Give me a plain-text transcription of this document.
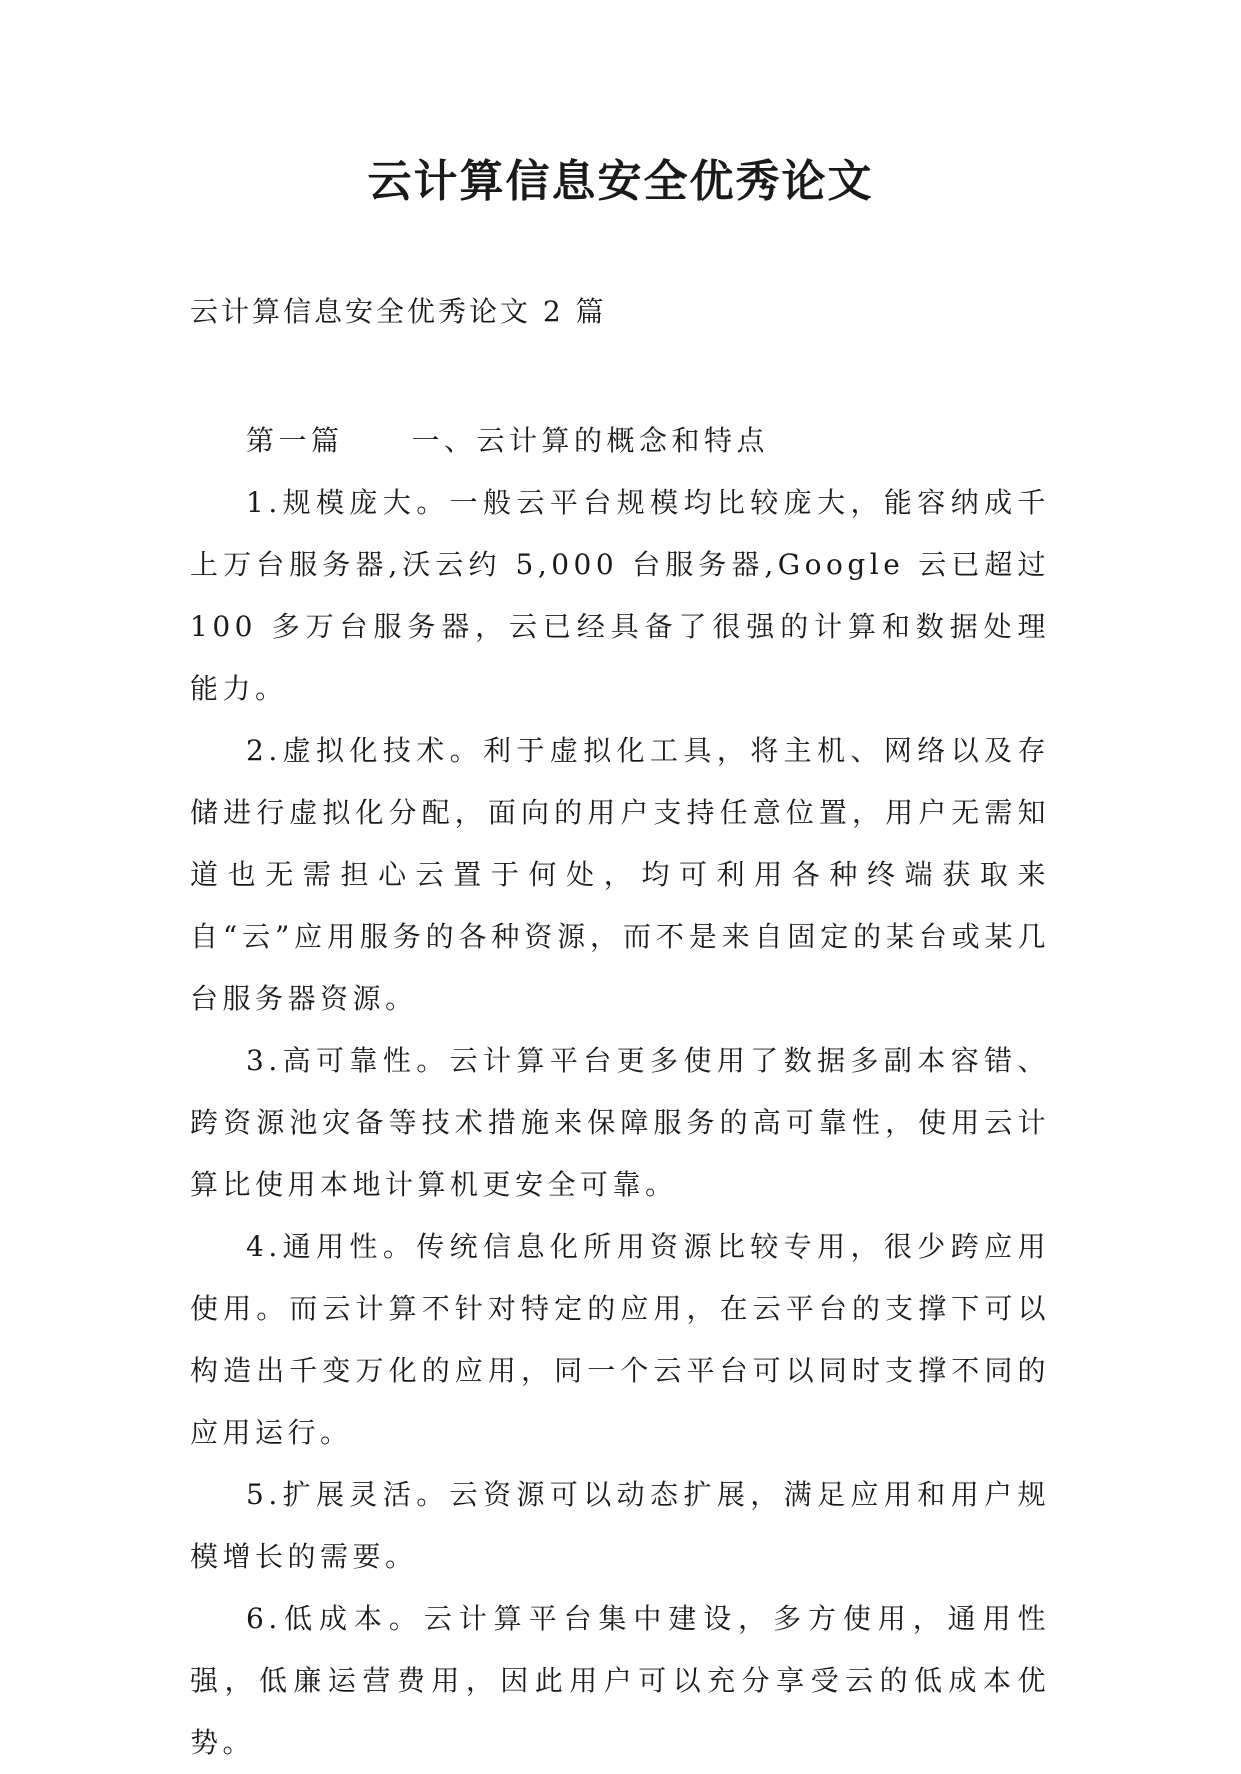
云计算信息安全优秀论文

云计算信息安全优秀论文 2 篇

第一篇 一、云计算的概念和特点

1.规模庞大。一般云平台规模均比较庞大，能容纳成千上万台服务器,沃云约 5,000 台服务器,Google 云已超过 100 多万台服务器，云已经具备了很强的计算和数据处理能力。

2.虚拟化技术。利于虚拟化工具，将主机、网络以及存储进行虚拟化分配，面向的用户支持任意位置，用户无需知道也无需担心云置于何处，均可利用各种终端获取来自“云”应用服务的各种资源，而不是来自固定的某台或某几台服务器资源。

3.高可靠性。云计算平台更多使用了数据多副本容错、跨资源池灾备等技术措施来保障服务的高可靠性，使用云计算比使用本地计算机更安全可靠。

4.通用性。传统信息化所用资源比较专用，很少跨应用使用。而云计算不针对特定的应用，在云平台的支撑下可以构造出千变万化的应用，同一个云平台可以同时支撑不同的应用运行。

5.扩展灵活。云资源可以动态扩展，满足应用和用户规模增长的需要。

6.低成本。云计算平台集中建设，多方使用，通用性强，低廉运营费用，因此用户可以充分享受云的低成本优势。
